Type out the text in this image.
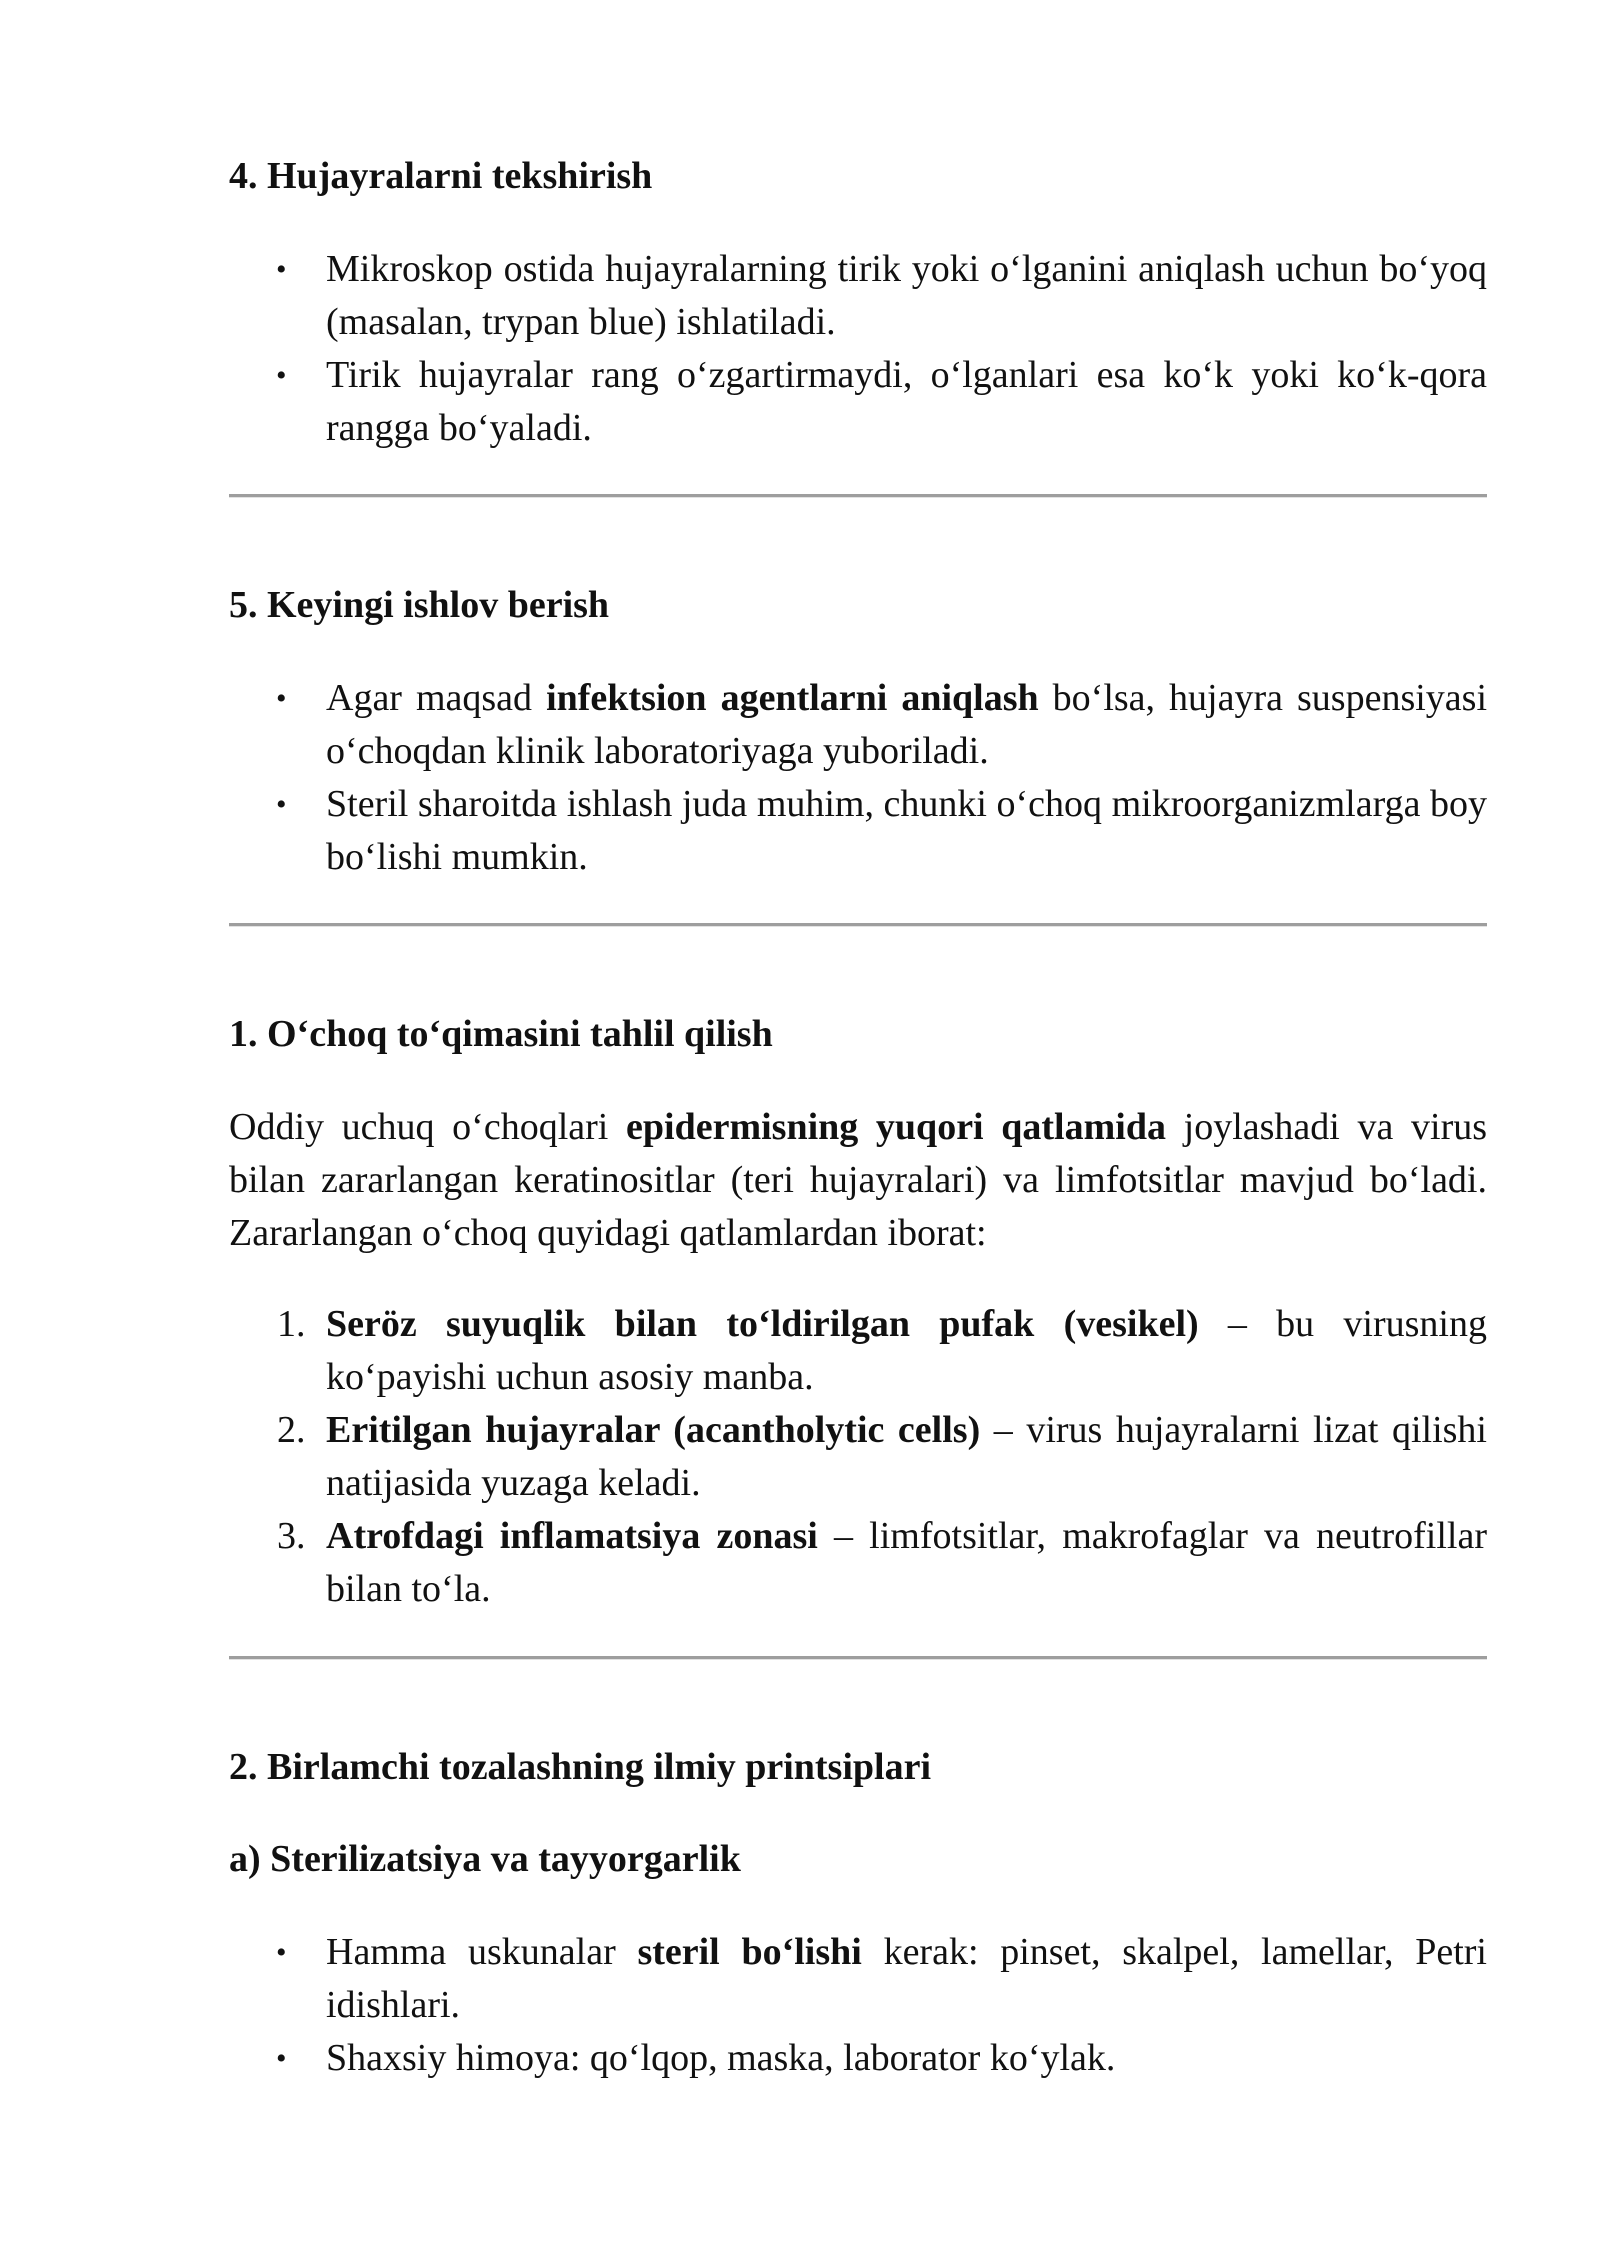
4. Hujayralarni tekshirish
• Mikroskop ostida hujayralarning tirik yoki o‘lganini aniqlash uchun bo‘yoq (masalan, trypan blue) ishlatiladi.
• Tirik hujayralar rang o‘zgartirmaydi, o‘lganlari esa ko‘k yoki ko‘k-qora rangga bo‘yaladi.
5. Keyingi ishlov berish
• Agar maqsad infektsion agentlarni aniqlash bo‘lsa, hujayra suspensiyasi o‘choqdan klinik laboratoriyaga yuboriladi.
• Steril sharoitda ishlash juda muhim, chunki o‘choq mikroorganizmlarga boy bo‘lishi mumkin.
1. O‘choq to‘qimasini tahlil qilish

Oddiy uchuq o‘choqlari epidermisning yuqori qatlamida joylashadi va virus bilan zararlangan keratinositlar (teri hujayralari) va limfotsitlar mavjud bo‘ladi. Zararlangan o‘choq quyidagi qatlamlardan iborat:

1. Seröz suyuqlik bilan to‘ldirilgan pufak (vesikel) – bu virusning ko‘payishi uchun asosiy manba.
2. Eritilgan hujayralar (acantholytic cells) – virus hujayralarni lizat qilishi natijasida yuzaga keladi.
3. Atrofdagi inflamatsiya zonasi – limfotsitlar, makrofaglar va neutrofillar bilan to‘la.
2. Birlamchi tozalashning ilmiy printsiplari
a) Sterilizatsiya va tayyorgarlik
• Hamma uskunalar steril bo‘lishi kerak: pinset, skalpel, lamellar, Petri idishlari.
• Shaxsiy himoya: qo‘lqop, maska, laborator ko‘ylak.
